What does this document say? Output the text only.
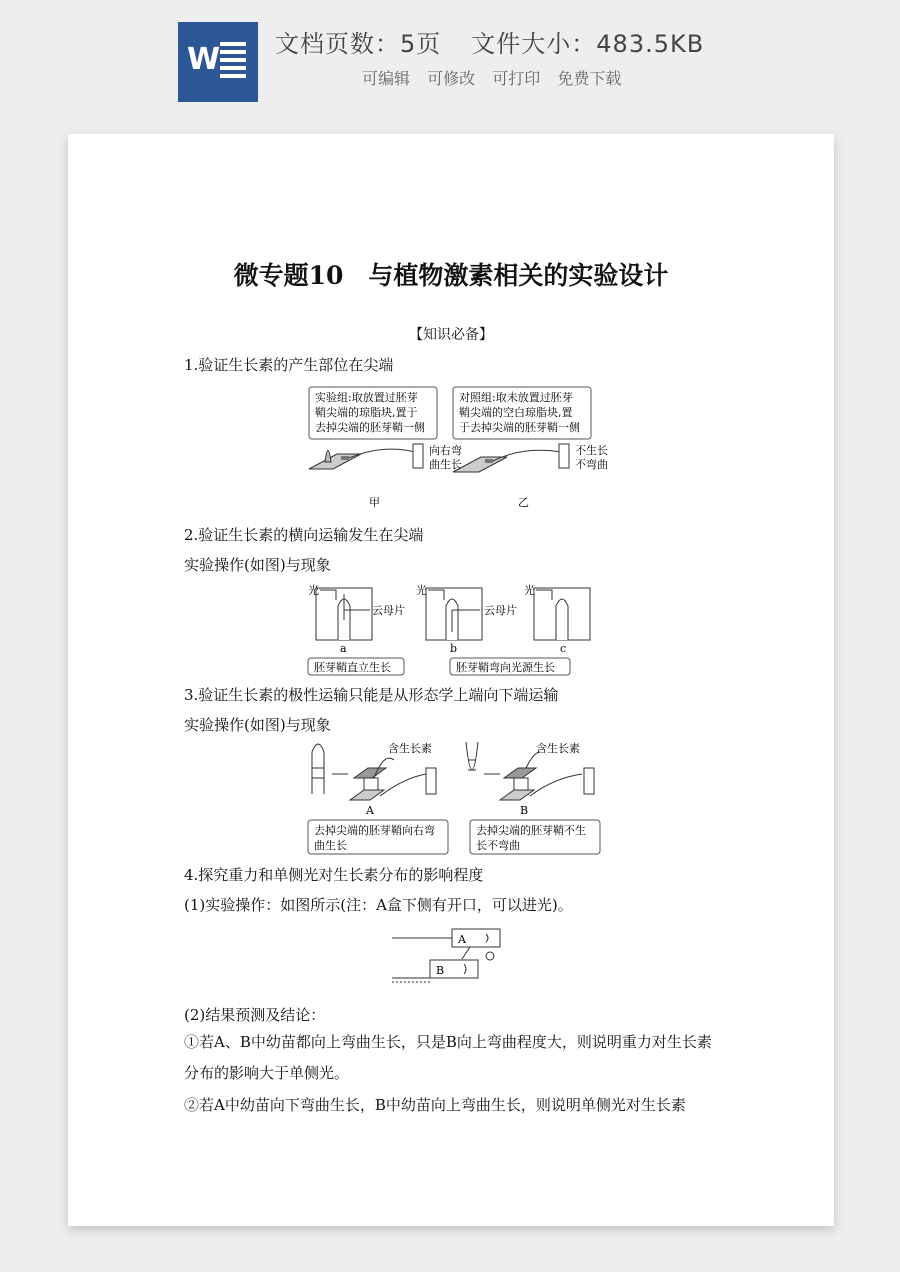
W 文档页数：5页 文件大小：483.5KB
可编辑 可修改 可打印 免费下载
微专题10　与植物激素相关的实验设计
【知识必备】
1.验证生长素的产生部位在尖端
实验组:取放置过胚芽
鞘尖端的琼脂块,置于
去掉尖端的胚芽鞘一侧
向右弯
曲生长
甲
对照组:取未放置过胚芽
鞘尖端的空白琼脂块,置
于去掉尖端的胚芽鞘一侧
不生长
不弯曲
乙
2.验证生长素的横向运输发生在尖端
实验操作(如图)与现象
光
云母片
a
光
云母片
b
光
c
胚芽鞘直立生长	胚芽鞘弯向光源生长
3.验证生长素的极性运输只能是从形态学上端向下端运输
实验操作(如图)与现象
含生长素
A
含生长素
B
去掉尖端的胚芽鞘向右弯
曲生长
去掉尖端的胚芽鞘不生
长不弯曲
4.探究重力和单侧光对生长素分布的影响程度
(1)实验操作：如图所示(注：A盒下侧有开口，可以进光)。
A
B
(2)结果预测及结论：
①若A、B中幼苗都向上弯曲生长，只是B向上弯曲程度大，则说明重力对生长素分布的影响大于单侧光。
②若A中幼苗向下弯曲生长，B中幼苗向上弯曲生长，则说明单侧光对生长素
